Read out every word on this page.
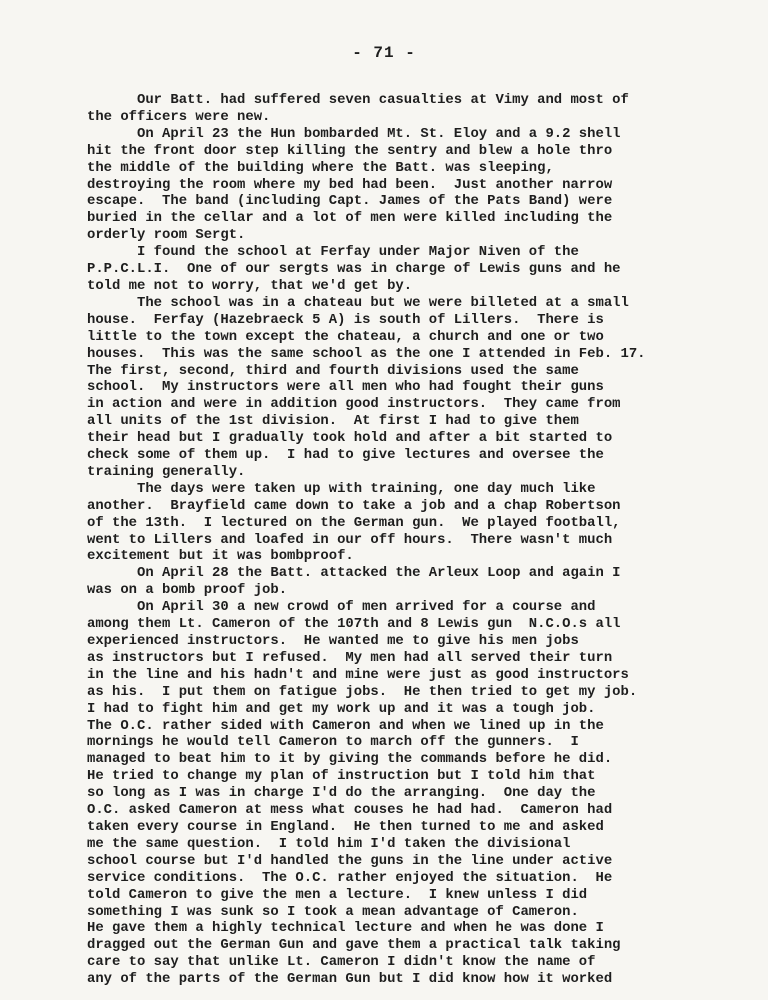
- 71 -
Our Batt. had suffered seven casualties at Vimy and most of
the officers were new.
On April 23 the Hun bombarded Mt. St. Eloy and a 9.2 shell
hit the front door step killing the sentry and blew a hole thro
the middle of the building where the Batt. was sleeping,
destroying the room where my bed had been.  Just another narrow
escape.  The band (including Capt. James of the Pats Band) were
buried in the cellar and a lot of men were killed including the
orderly room Sergt.
I found the school at Ferfay under Major Niven of the
P.P.C.L.I.  One of our sergts was in charge of Lewis guns and he
told me not to worry, that we'd get by.
The school was in a chateau but we were billeted at a small
house.  Ferfay (Hazebraeck 5 A) is south of Lillers.  There is
little to the town except the chateau, a church and one or two
houses.  This was the same school as the one I attended in Feb. 17.
The first, second, third and fourth divisions used the same
school.  My instructors were all men who had fought their guns
in action and were in addition good instructors.  They came from
all units of the 1st division.  At first I had to give them
their head but I gradually took hold and after a bit started to
check some of them up.  I had to give lectures and oversee the
training generally.
The days were taken up with training, one day much like
another.  Brayfield came down to take a job and a chap Robertson
of the 13th.  I lectured on the German gun.  We played football,
went to Lillers and loafed in our off hours.  There wasn't much
excitement but it was bombproof.
On April 28 the Batt. attacked the Arleux Loop and again I
was on a bomb proof job.
On April 30 a new crowd of men arrived for a course and
among them Lt. Cameron of the 107th and 8 Lewis gun  N.C.O.s all
experienced instructors.  He wanted me to give his men jobs
as instructors but I refused.  My men had all served their turn
in the line and his hadn't and mine were just as good instructors
as his.  I put them on fatigue jobs.  He then tried to get my job.
I had to fight him and get my work up and it was a tough job.
The O.C. rather sided with Cameron and when we lined up in the
mornings he would tell Cameron to march off the gunners.  I
managed to beat him to it by giving the commands before he did.
He tried to change my plan of instruction but I told him that
so long as I was in charge I'd do the arranging.  One day the
O.C. asked Cameron at mess what couses he had had.  Cameron had
taken every course in England.  He then turned to me and asked
me the same question.  I told him I'd taken the divisional
school course but I'd handled the guns in the line under active
service conditions.  The O.C. rather enjoyed the situation.  He
told Cameron to give the men a lecture.  I knew unless I did
something I was sunk so I took a mean advantage of Cameron.
He gave them a highly technical lecture and when he was done I
dragged out the German Gun and gave them a practical talk taking
care to say that unlike Lt. Cameron I didn't know the name of
any of the parts of the German Gun but I did know how it worked
